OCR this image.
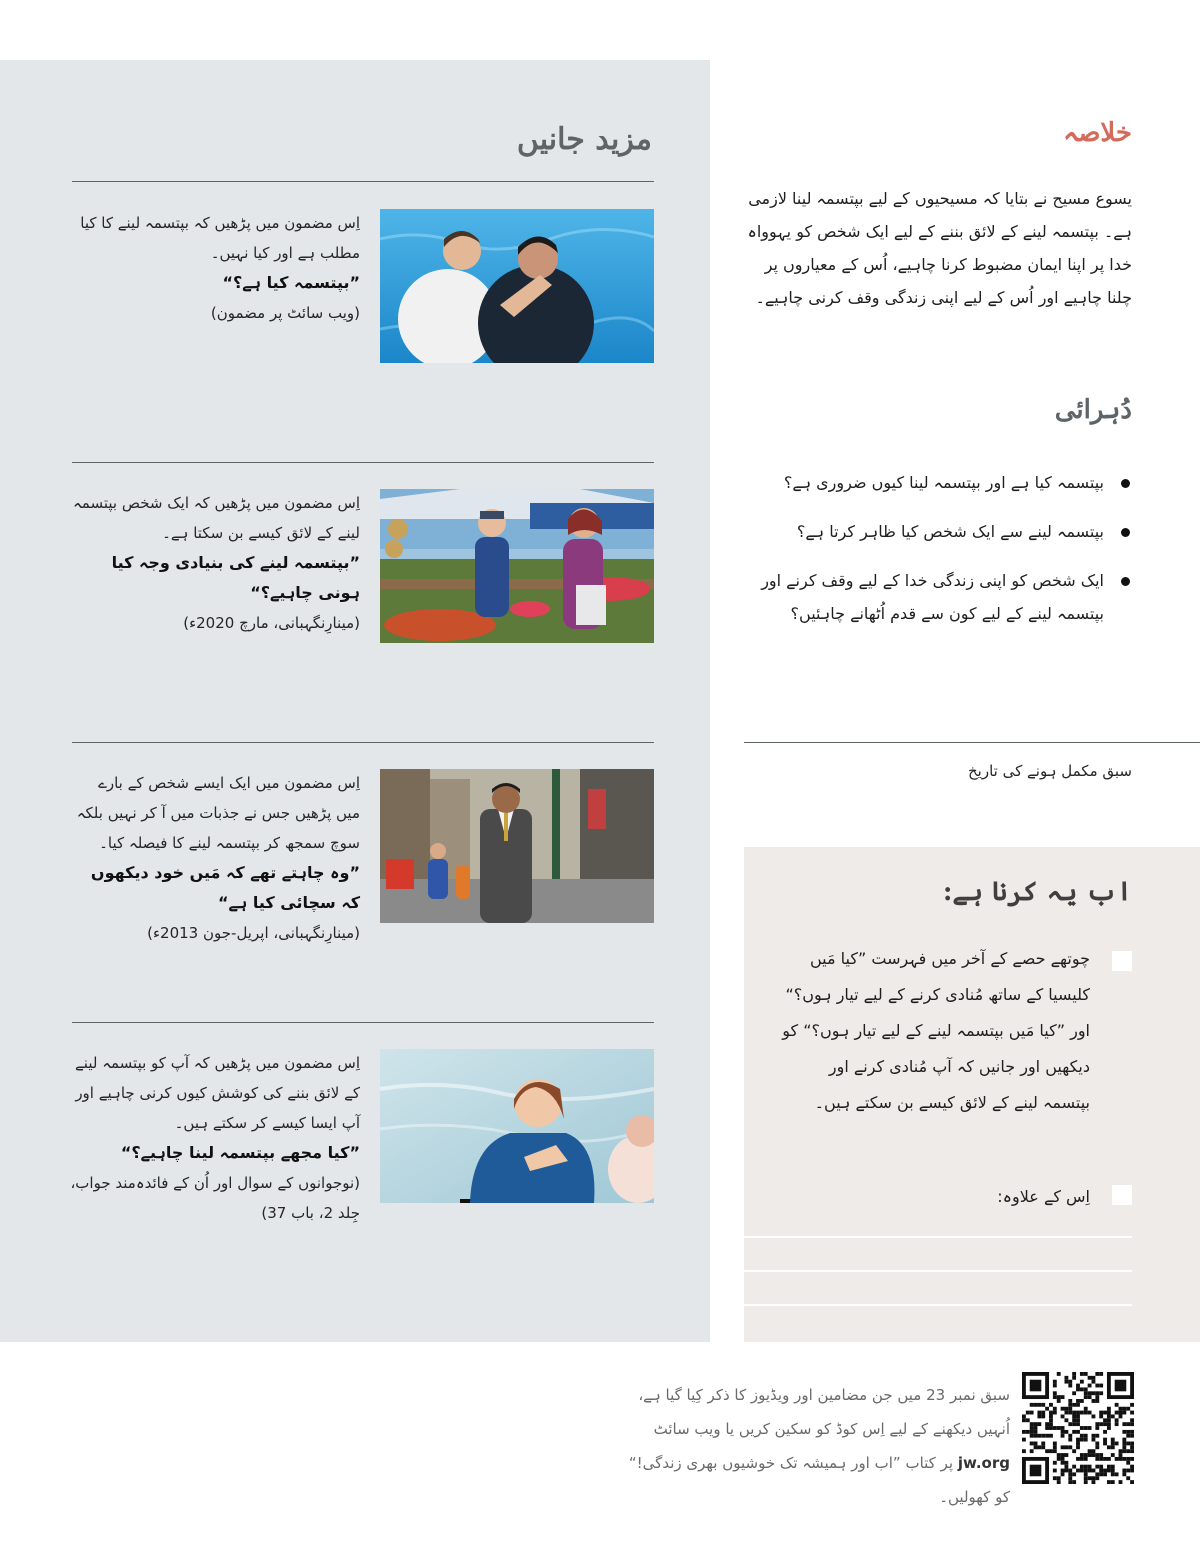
مزید جانیں
اِس مضمون میں پڑھیں کہ بپتسمہ لینے کا کیا مطلب ہے اور کیا نہیں۔
”بپتسمہ کیا ہے؟“
(ویب سائٹ پر مضمون)
اِس مضمون میں پڑھیں کہ ایک شخص بپتسمہ لینے کے لائق کیسے بن سکتا ہے۔
”بپتسمہ لینے کی بنیادی وجہ کیا ہونی چاہیے؟“
(مینارِنگہبانی، مارچ 2020ء)
اِس مضمون میں ایک ایسے شخص کے بارے میں پڑھیں جس نے جذبات میں آ کر نہیں بلکہ سوچ سمجھ کر بپتسمہ لینے کا فیصلہ کیا۔
”وہ چاہتے تھے کہ مَیں خود دیکھوں کہ سچائی کیا ہے“
(مینارِنگہبانی، اپریل-جون 2013ء)
اِس مضمون میں پڑھیں کہ آپ کو بپتسمہ لینے کے لائق بننے کی کوشش کیوں کرنی چاہیے اور آپ ایسا کیسے کر سکتے ہیں۔
”کیا مجھے بپتسمہ لینا چاہیے؟“
(نوجوانوں کے سوال اور اُن کے فائدہ‌مند جواب، جِلد 2، باب 37)
خلاصہ
یسوع مسیح نے بتایا کہ مسیحیوں کے لیے بپتسمہ لینا لازمی ہے۔ بپتسمہ لینے کے لائق بننے کے لیے ایک شخص کو یہوواہ خدا پر اپنا ایمان مضبوط کرنا چاہیے، اُس کے معیاروں پر چلنا چاہیے اور اُس کے لیے اپنی زندگی وقف کرنی چاہیے۔
دُہرائی
بپتسمہ کیا ہے اور بپتسمہ لینا کیوں ضروری ہے؟
بپتسمہ لینے سے ایک شخص کیا ظاہر کرتا ہے؟
ایک شخص کو اپنی زندگی خدا کے لیے وقف کرنے اور بپتسمہ لینے کے لیے کون سے قدم اُٹھانے چاہئیں؟
سبق مکمل ہونے کی تاریخ
اب یہ کرنا ہے:
چوتھے حصے کے آخر میں فہرست ”کیا مَیں کلیسیا کے ساتھ مُنادی کرنے کے لیے تیار ہوں؟“ اور ”کیا مَیں بپتسمہ لینے کے لیے تیار ہوں؟“ کو دیکھیں اور جانیں کہ آپ مُنادی کرنے اور بپتسمہ لینے کے لائق کیسے بن سکتے ہیں۔
اِس کے علاوہ:
سبق نمبر 23 میں جن مضامین اور ویڈیوز کا ذکر کِیا گیا ہے، اُنہیں دیکھنے کے لیے اِس کوڈ کو سکین کریں یا ویب سائٹ jw.org پر کتاب ”اب اور ہمیشہ تک خوشیوں بھری زندگی!“ کو کھولیں۔
